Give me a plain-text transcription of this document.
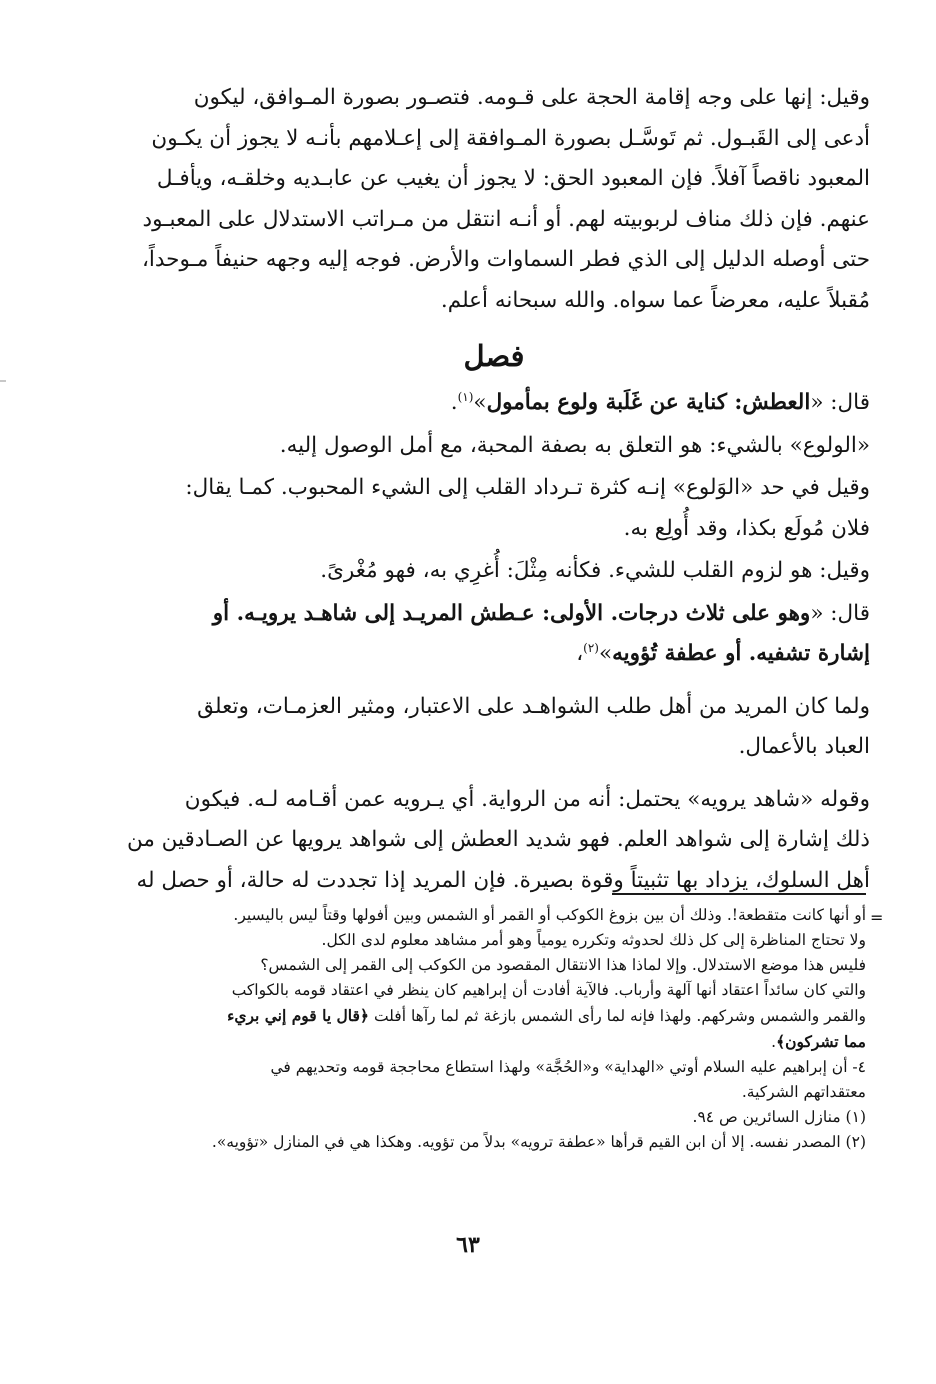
وقيل: إنها على وجه إقامة الحجة على قـومه. فتصـور بصورة المـوافق، ليكون
أدعى إلى القَبـول. ثم تَوسَّـل بصورة المـوافقة إلى إعـلامهم بأنـه لا يجوز أن يكـون
المعبود ناقصاً آفلاً. فإن المعبود الحق: لا يجوز أن يغيب عن عابـديه وخلقـه، ويأفـل
عنهم. فإن ذلك مناف لربوبيته لهم. أو أنـه انتقل من مـراتب الاستدلال على المعبـود
حتى أوصله الدليل إلى الذي فطر السماوات والأرض. فوجه إليه وجهه حنيفاً مـوحداً،
مُقبلاً عليه، معرضاً عما سواه. والله سبحانه أعلم.

فصل

قال: «العطش: كناية عن غَلَبة ولوع بمأمول»$^{(١)}$.

«الولوع» بالشيء: هو التعلق به بصفة المحبة، مع أمل الوصول إليه.

وقيل في حد «الوَلوع» إنـه كثرة تـرداد القلب إلى الشيء المحبوب. كمـا يقال:
فلان مُولَع بكذا، وقد أُولِع به.

وقيل: هو لزوم القلب للشيء. فكأنه مِثْلَ: أُغرِي به، فهو مُغْرىً.

قال: «وهو على ثلاث درجات. الأولى: عـطش المريـد إلى شاهـد يرويـه. أو
إشارة تشفيه. أو عطفة تُؤويه»$^{(٢)}$،

ولما كان المريد من أهل طلب الشواهـد على الاعتبار، ومثير العزمـات، وتعلق
العباد بالأعمال.

وقوله «شاهد يرويه» يحتمل: أنه من الرواية. أي يـرويه عمن أقـامه لـه. فيكون
ذلك إشارة إلى شواهد العلم. فهو شديد العطش إلى شواهد يرويها عن الصـادقين من
أهل السلوك، يزداد بها تثبيتاً وقوة بصيرة. فإن المريد إذا تجددت له حالة، أو حصل له

=

أو أنها كانت متقطعة!. وذلك أن بين بزوغ الكوكب أو القمر أو الشمس وبين أفولها وقتاً ليس باليسير.
ولا تحتاج المناظرة إلى كل ذلك لحدوثه وتكرره يومياً وهو أمر مشاهد معلوم لدى الكل.
فليس هذا موضع الاستدلال. وإلا لماذا هذا الانتقال المقصود من الكوكب إلى القمر إلى الشمس؟
والتي كان سائداً اعتقاد أنها آلهة وأرباب. فالآية أفادت أن إبراهيم كان ينظر في اعتقاد قومه بالكواكب
والقمر والشمس وشركهم. ولهذا فإنه لما رأى الشمس بازغة ثم لما رآها أفلت ﴿قال يا قوم إني بريء
مما تشركون﴾.

٤- أن إبراهيم عليه السلام أوتي «الهداية» و«الحُجَّة» ولهذا استطاع محاججة قومه وتحديهم في
معتقداتهم الشركية.

(١) منازل السائرين ص ٩٤.

(٢) المصدر نفسه. إلا أن ابن القيم قرأها «عطفة ترويه» بدلاً من تؤويه. وهكذا هي في المنازل «تؤويه».

٦٣
